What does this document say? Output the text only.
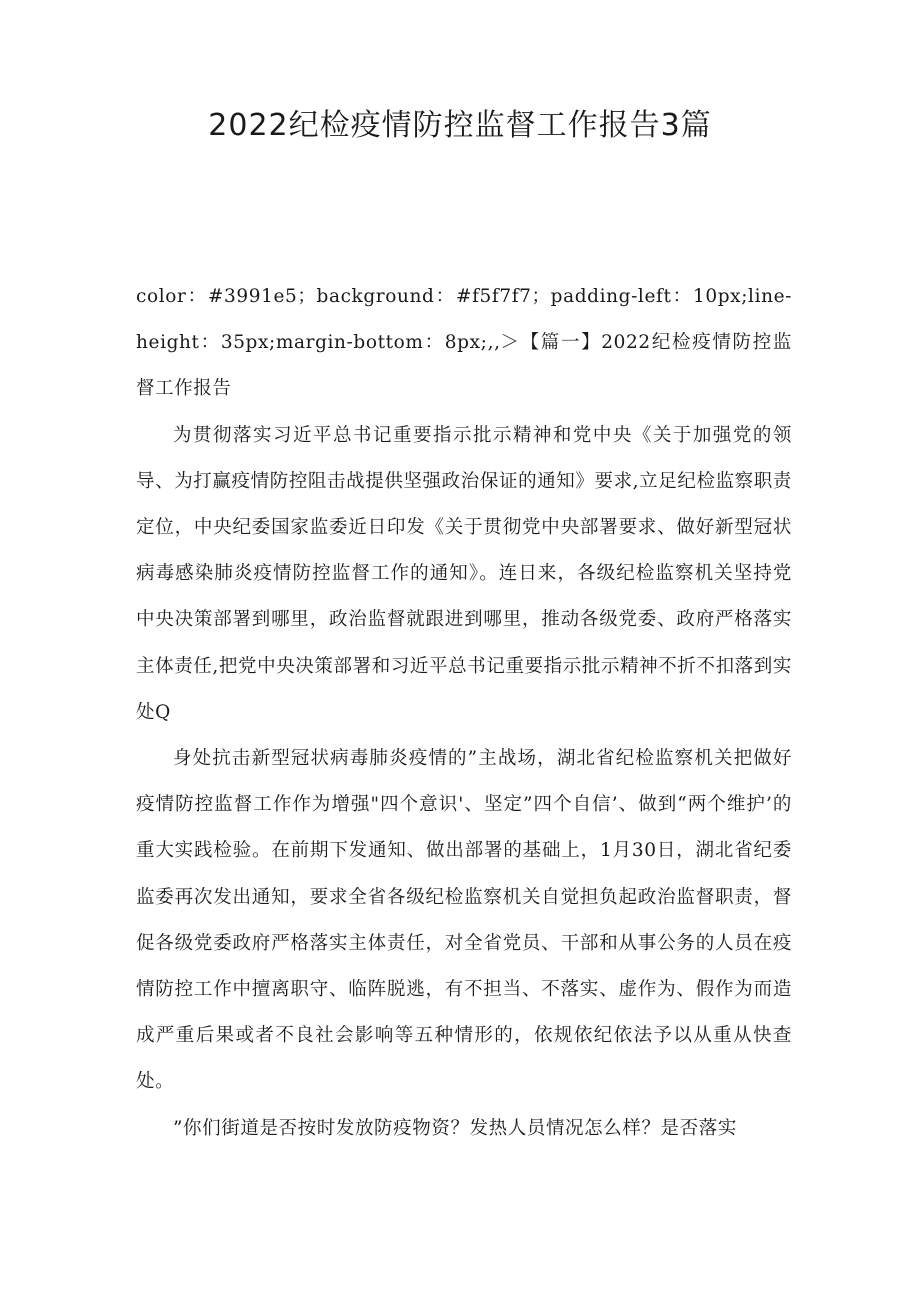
2022纪检疫情防控监督工作报告3篇

color：#3991e5；background：#f5f7f7；padding-left：10px;line-height：35px;margin-bottom：8px;‚‚＞【篇一】2022纪检疫情防控监督工作报告

为贯彻落实习近平总书记重要指示批示精神和党中央《关于加强党的领导、为打赢疫情防控阻击战提供坚强政治保证的通知》要求,立足纪检监察职责定位，中央纪委国家监委近日印发《关于贯彻党中央部署要求、做好新型冠状病毒感染肺炎疫情防控监督工作的通知》。连日来，各级纪检监察机关坚持党中央决策部署到哪里，政治监督就跟进到哪里，推动各级党委、政府严格落实主体责任,把党中央决策部署和习近平总书记重要指示批示精神不折不扣落到实处Q

身处抗击新型冠状病毒肺炎疫情的”主战场，湖北省纪检监察机关把做好疫情防控监督工作作为增强"四个意识'、坚定”四个自信’、做到“两个维护’的重大实践检验。在前期下发通知、做出部署的基础上，1月30日，湖北省纪委监委再次发出通知，要求全省各级纪检监察机关自觉担负起政治监督职责，督促各级党委政府严格落实主体责任，对全省党员、干部和从事公务的人员在疫情防控工作中擅离职守、临阵脱逃，有不担当、不落实、虚作为、假作为而造成严重后果或者不良社会影响等五种情形的，依规依纪依法予以从重从快查处。

”你们街道是否按时发放防疫物资？发热人员情况怎么样？是否落实
